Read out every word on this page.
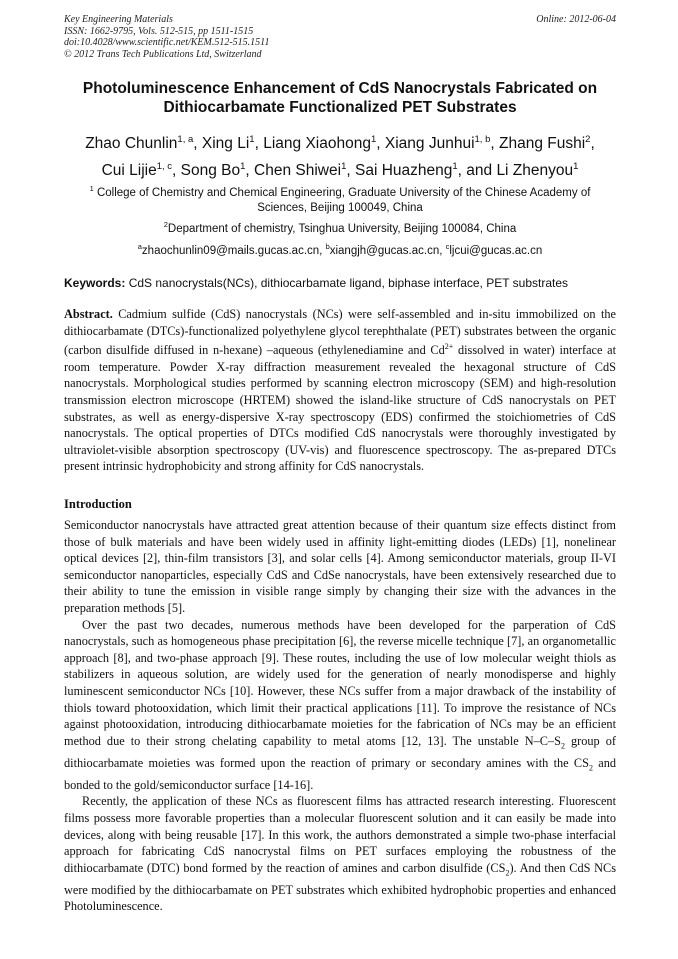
Key Engineering Materials
ISSN: 1662-9795, Vols. 512-515, pp 1511-1515
doi:10.4028/www.scientific.net/KEM.512-515.1511
© 2012 Trans Tech Publications Ltd, Switzerland
Online: 2012-06-04
Photoluminescence Enhancement of CdS Nanocrystals Fabricated on
Dithiocarbamate Functionalized PET Substrates
Zhao Chunlin$^{1, a}$, Xing Li$^1$, Liang Xiaohong$^1$, Xiang Junhui$^{1, b}$, Zhang Fushi$^2$,
Cui Lijie$^{1, c}$, Song Bo$^1$, Chen Shiwei$^1$, Sai Huazheng$^1$, and Li Zhenyou$^1$
$^1$ College of Chemistry and Chemical Engineering, Graduate University of the Chinese Academy of Sciences, Beijing 100049, China
$^2$Department of chemistry, Tsinghua University, Beijing 100084, China
$^a$zhaochunlin09@mails.gucas.ac.cn, $^b$xiangjh@gucas.ac.cn, $^c$ljcui@gucas.ac.cn
Keywords: CdS nanocrystals(NCs), dithiocarbamate ligand, biphase interface, PET substrates
Abstract. Cadmium sulfide (CdS) nanocrystals (NCs) were self-assembled and in-situ immobilized on the dithiocarbamate (DTCs)-functionalized polyethylene glycol terephthalate (PET) substrates between the organic (carbon disulfide diffused in n-hexane) –aqueous (ethylenediamine and $Cd^{2+}$ dissolved in water) interface at room temperature. Powder X-ray diffraction measurement revealed the hexagonal structure of CdS nanocrystals. Morphological studies performed by scanning electron microscopy (SEM) and high-resolution transmission electron microscope (HRTEM) showed the island-like structure of CdS nanocrystals on PET substrates, as well as energy-dispersive X-ray spectroscopy (EDS) confirmed the stoichiometries of CdS nanocrystals. The optical properties of DTCs modified CdS nanocrystals were thoroughly investigated by ultraviolet-visible absorption spectroscopy (UV-vis) and fluorescence spectroscopy. The as-prepared DTCs present intrinsic hydrophobicity and strong affinity for CdS nanocrystals.
Introduction

Semiconductor nanocrystals have attracted great attention because of their quantum size effects distinct from those of bulk materials and have been widely used in affinity light-emitting diodes (LEDs) [1], nonelinear optical devices [2], thin-film transistors [3], and solar cells [4]. Among semiconductor materials, group II-VI semiconductor nanoparticles, especially CdS and CdSe nanocrystals, have been extensively researched due to their ability to tune the emission in visible range simply by changing their size with the advances in the preparation methods [5].

Over the past two decades, numerous methods have been developed for the parperation of CdS nanocrystals, such as homogeneous phase precipitation [6], the reverse micelle technique [7], an organometallic approach [8], and two-phase approach [9]. These routes, including the use of low molecular weight thiols as stabilizers in aqueous solution, are widely used for the generation of nearly monodisperse and highly luminescent semiconductor NCs [10]. However, these NCs suffer from a major drawback of the instability of thiols toward photooxidation, which limit their practical applications [11]. To improve the resistance of NCs against photooxidation, introducing dithiocarbamate moieties for the fabrication of NCs may be an efficient method due to their strong chelating capability to metal atoms [12, 13]. The unstable $N-C-S_2$ group of dithiocarbamate moieties was formed upon the reaction of primary or secondary amines with the $CS_2$ and bonded to the gold/semiconductor surface [14-16].

Recently, the application of these NCs as fluorescent films has attracted research interesting. Fluorescent films possess more favorable properties than a molecular fluorescent solution and it can easily be made into devices, along with being reusable [17]. In this work, the authors demonstrated a simple two-phase interfacial approach for fabricating CdS nanocrystal films on PET surfaces employing the robustness of the dithiocarbamate (DTC) bond formed by the reaction of amines and carbon disulfide $(CS_2)$. And then CdS NCs were modified by the dithiocarbamate on PET substrates which exhibited hydrophobic properties and enhanced Photoluminescence.
